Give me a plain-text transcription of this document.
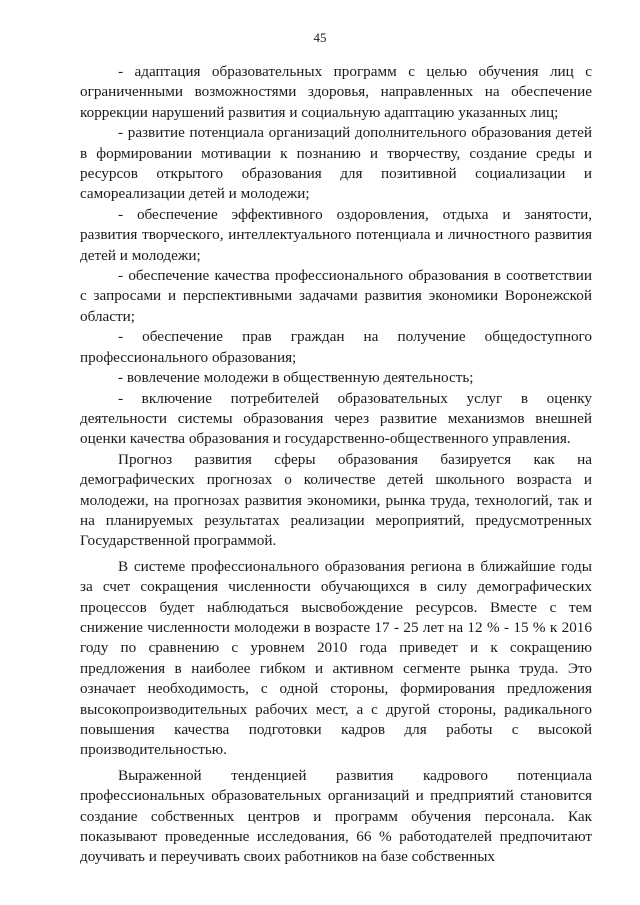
45

- адаптация образовательных программ с целью обучения лиц с ограниченными возможностями здоровья, направленных на обеспечение коррекции нарушений развития и социальную адаптацию указанных лиц;

- развитие потенциала организаций дополнительного образования детей в формировании мотивации к познанию и творчеству, создание среды и ресурсов открытого образования для позитивной социализации и самореализации детей и молодежи;

- обеспечение эффективного оздоровления, отдыха и занятости, развития творческого, интеллектуального потенциала и личностного развития детей и молодежи;

- обеспечение качества профессионального образования в соответствии с запросами и перспективными задачами развития экономики Воронежской области;

- обеспечение прав граждан на получение общедоступного профессионального образования;

- вовлечение молодежи в общественную деятельность;

- включение потребителей образовательных услуг в оценку деятельности системы образования через развитие механизмов внешней оценки качества образования и государственно-общественного управления.

Прогноз развития сферы образования базируется как на демографических прогнозах о количестве детей школьного возраста и молодежи, на прогнозах развития экономики, рынка труда, технологий, так и на планируемых результатах реализации мероприятий, предусмотренных Государственной программой.

В системе профессионального образования региона в ближайшие годы за счет сокращения численности обучающихся в силу демографических процессов будет наблюдаться высвобождение ресурсов. Вместе с тем снижение численности молодежи в возрасте 17 - 25 лет на 12 % - 15 % к 2016 году по сравнению с уровнем 2010 года приведет и к сокращению предложения в наиболее гибком и активном сегменте рынка труда. Это означает необходимость, с одной стороны, формирования предложения высокопроизводительных рабочих мест, а с другой стороны, радикального повышения качества подготовки кадров для работы с высокой производительностью.

Выраженной тенденцией развития кадрового потенциала профессиональных образовательных организаций и предприятий становится создание собственных центров и программ обучения персонала. Как показывают проведенные исследования, 66 % работодателей предпочитают доучивать и переучивать своих работников на базе собственных
